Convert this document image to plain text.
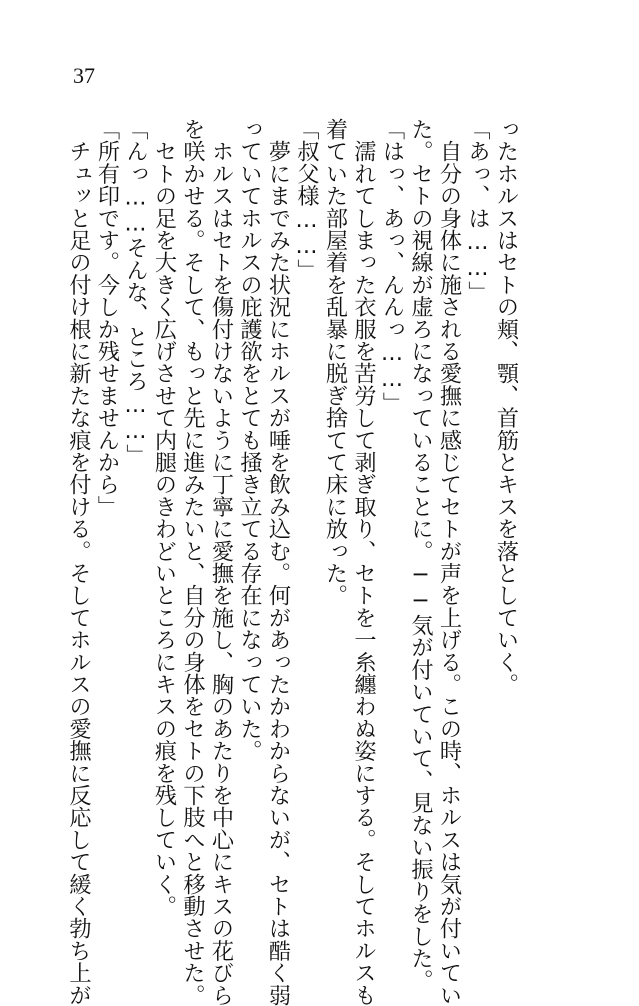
37
ったホルスはセトの頬、顎、首筋とキスを落としていく。
「あっ、は……」
　自分の身体に施される愛撫に感じてセトが声を上げる。この時、ホルスは気が付いてい
た。セトの視線が虚ろになっていることに。──気が付いていて、見ない振りをした。
「はっ、あっ、んんっ……」
　濡れてしまった衣服を苦労して剥ぎ取り、セトを一糸纏わぬ姿にする。そしてホルスも
着ていた部屋着を乱暴に脱ぎ捨てて床に放った。
「叔父様……」
　夢にまでみた状況にホルスが唾を飲み込む。何があったかわからないが、セトは酷く弱
っていてホルスの庇護欲をとても掻き立てる存在になっていた。
　ホルスはセトを傷付けないように丁寧に愛撫を施し、胸のあたりを中心にキスの花びら
を咲かせる。そして、もっと先に進みたいと、自分の身体をセトの下肢へと移動させた。
　セトの足を大きく広げさせて内腿のきわどいところにキスの痕を残していく。
「んっ……そんな、ところ……」
「所有印です。今しか残せませんから」
　チュッと足の付け根に新たな痕を付ける。そしてホルスの愛撫に反応して緩く勃ち上が
